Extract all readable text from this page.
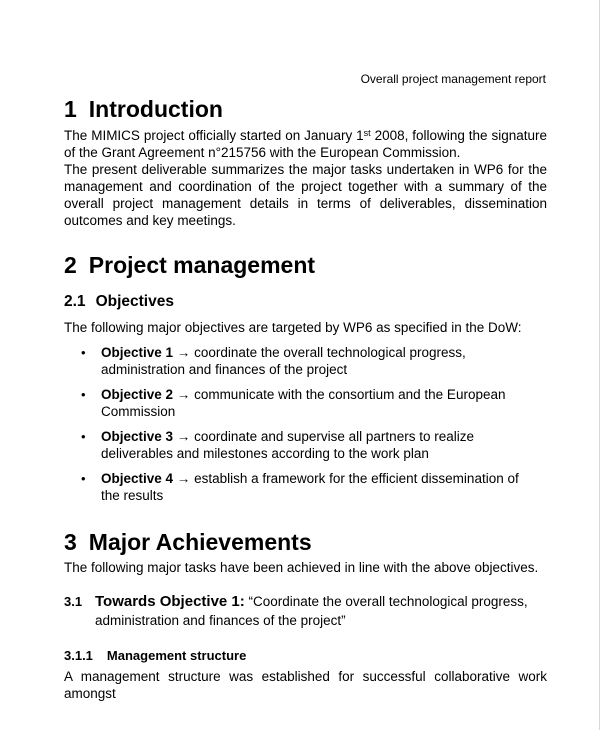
Overall project management report
1 Introduction
The MIMICS project officially started on January 1st 2008, following the signature of the Grant Agreement n°215756 with the European Commission.
The present deliverable summarizes the major tasks undertaken in WP6 for the management and coordination of the project together with a summary of the overall project management details in terms of deliverables, dissemination outcomes and key meetings.
2 Project management
2.1 Objectives
The following major objectives are targeted by WP6 as specified in the DoW:
• Objective 1 → coordinate the overall technological progress, administration and finances of the project
• Objective 2 → communicate with the consortium and the European Commission
• Objective 3 → coordinate and supervise all partners to realize deliverables and milestones according to the work plan
• Objective 4 → establish a framework for the efficient dissemination of the results
3 Major Achievements
The following major tasks have been achieved in line with the above objectives.
3.1 Towards Objective 1: “Coordinate the overall technological progress,
administration and finances of the project”
3.1.1 Management structure
A management structure was established for successful collaborative work amongst
